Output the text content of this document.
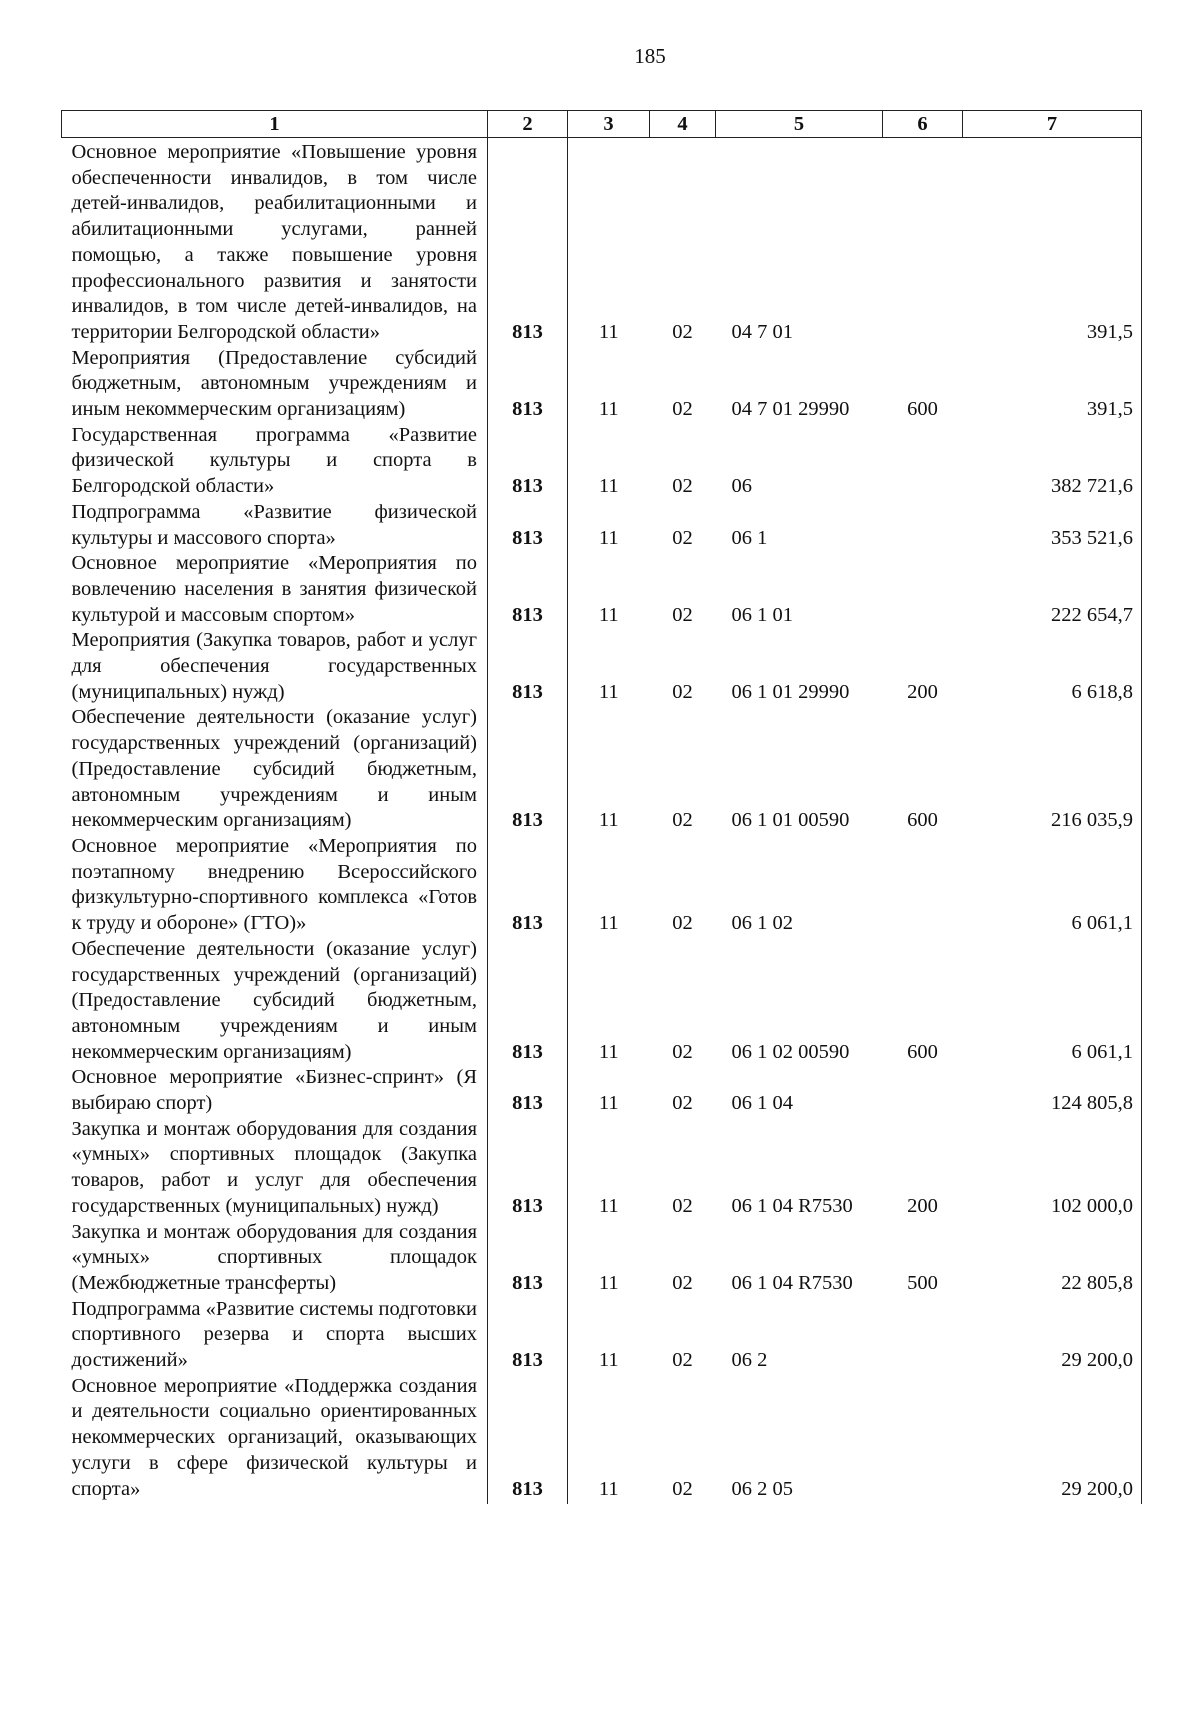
185
1	2	3	4	5	6	7
Основное мероприятие «Повышение уровня обеспеченности инвалидов, в том числе детей-инвалидов, реабилитационными и абилитационными услугами, ранней помощью, а также повышение уровня профессионального развития и занятости инвалидов, в том числе детей-инвалидов, на территории Белгородской области»	813	11	02	04 7 01		391,5
Мероприятия (Предоставление субсидий бюджетным, автономным учреждениям и иным некоммерческим организациям)	813	11	02	04 7 01 29990	600	391,5
Государственная программа «Развитие физической культуры и спорта в Белгородской области»	813	11	02	06		382 721,6
Подпрограмма «Развитие физической культуры и массового спорта»	813	11	02	06 1		353 521,6
Основное мероприятие «Мероприятия по вовлечению населения в занятия физической культурой и массовым спортом»	813	11	02	06 1 01		222 654,7
Мероприятия (Закупка товаров, работ и услуг для обеспечения государственных (муниципальных) нужд)	813	11	02	06 1 01 29990	200	6 618,8
Обеспечение деятельности (оказание услуг) государственных учреждений (организаций) (Предоставление субсидий бюджетным, автономным учреждениям и иным некоммерческим организациям)	813	11	02	06 1 01 00590	600	216 035,9
Основное мероприятие «Мероприятия по поэтапному внедрению Всероссийского физкультурно-спортивного комплекса «Готов к труду и обороне» (ГТО)»	813	11	02	06 1 02		6 061,1
Обеспечение деятельности (оказание услуг) государственных учреждений (организаций) (Предоставление субсидий бюджетным, автономным учреждениям и иным некоммерческим организациям)	813	11	02	06 1 02 00590	600	6 061,1
Основное мероприятие «Бизнес-спринт» (Я выбираю спорт)	813	11	02	06 1 04		124 805,8
Закупка и монтаж оборудования для создания «умных» спортивных площадок (Закупка товаров, работ и услуг для обеспечения государственных (муниципальных) нужд)	813	11	02	06 1 04 R7530	200	102 000,0
Закупка и монтаж оборудования для создания «умных» спортивных площадок (Межбюджетные трансферты)	813	11	02	06 1 04 R7530	500	22 805,8
Подпрограмма «Развитие системы подготовки спортивного резерва и спорта высших достижений»	813	11	02	06 2		29 200,0
Основное мероприятие «Поддержка создания и деятельности социально ориентированных некоммерческих организаций, оказывающих услуги в сфере физической культуры и спорта»	813	11	02	06 2 05		29 200,0
